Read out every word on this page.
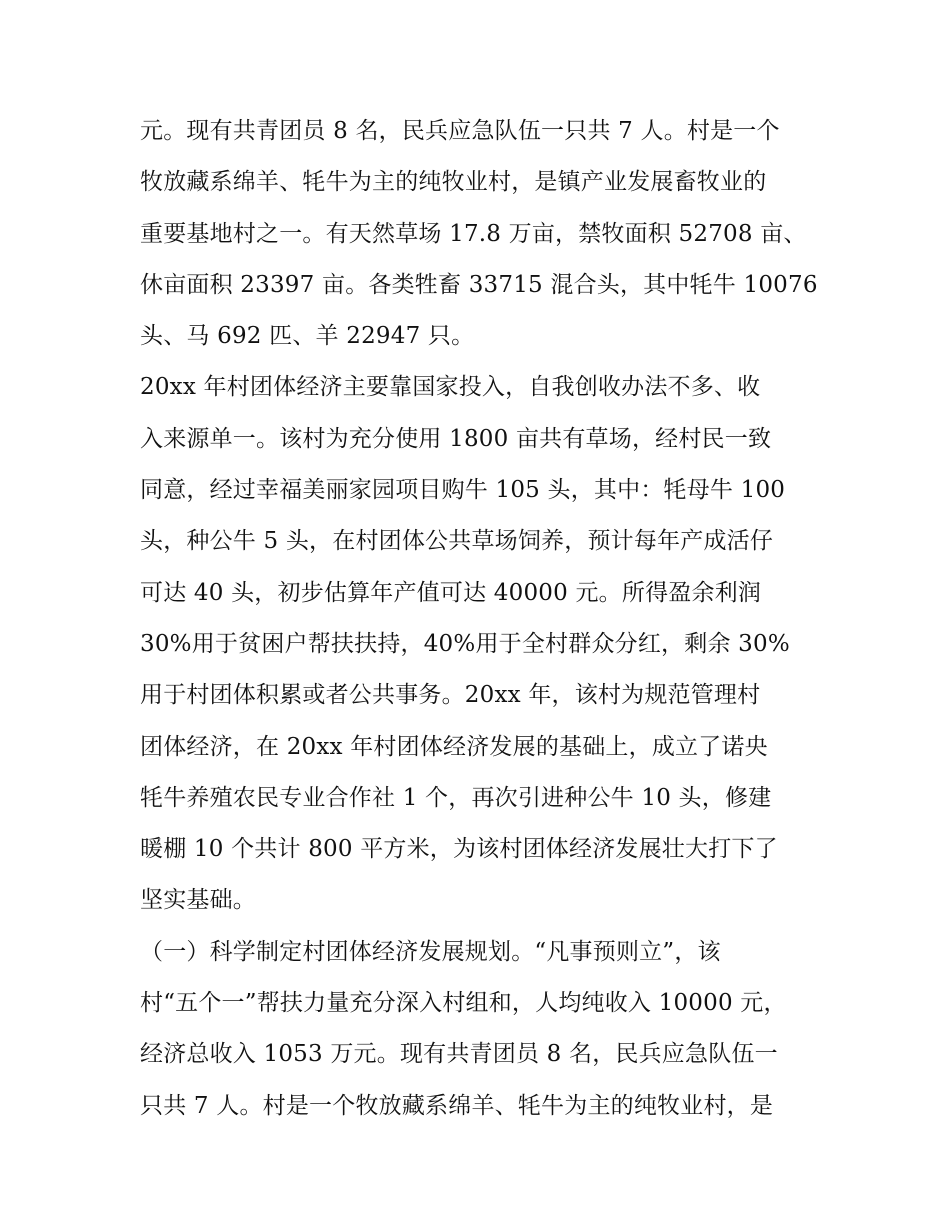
元。现有共青团员 8 名，民兵应急队伍一只共 7 人。村是一个
牧放藏系绵羊、牦牛为主的纯牧业村，是镇产业发展畜牧业的
重要基地村之一。有天然草场 17.8 万亩，禁牧面积 52708 亩、
休亩面积 23397 亩。各类牲畜 33715 混合头，其中牦牛 10076
头、马 692 匹、羊 22947 只。
20xx 年村团体经济主要靠国家投入，自我创收办法不多、收
入来源单一。该村为充分使用 1800 亩共有草场，经村民一致
同意，经过幸福美丽家园项目购牛 105 头，其中：牦母牛 100
头，种公牛 5 头，在村团体公共草场饲养，预计每年产成活仔
可达 40 头，初步估算年产值可达 40000 元。所得盈余利润
30%用于贫困户帮扶扶持，40%用于全村群众分红，剩余 30%
用于村团体积累或者公共事务。20xx 年，该村为规范管理村
团体经济，在 20xx 年村团体经济发展的基础上，成立了诺央
牦牛养殖农民专业合作社 1 个，再次引进种公牛 10 头，修建
暖棚 10 个共计 800 平方米，为该村团体经济发展壮大打下了
坚实基础。
（一）科学制定村团体经济发展规划。“凡事预则立”，该
村“五个一”帮扶力量充分深入村组和，人均纯收入 10000 元，
经济总收入 1053 万元。现有共青团员 8 名，民兵应急队伍一
只共 7 人。村是一个牧放藏系绵羊、牦牛为主的纯牧业村，是
